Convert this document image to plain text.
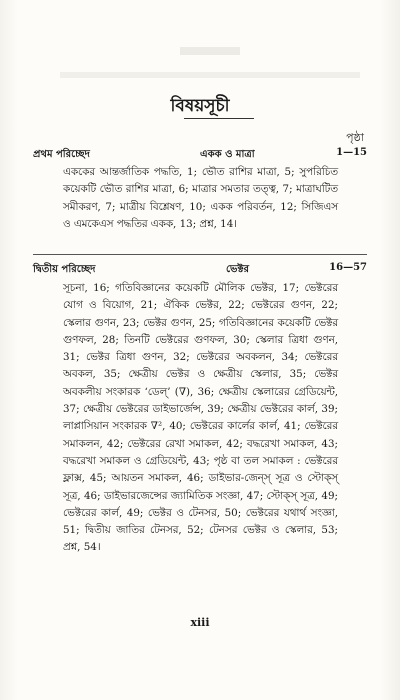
বিষয়সূচী
পৃষ্ঠা
প্রথম পরিচ্ছেদ	একক ও মাত্রা	1—15
এককের আন্তর্জাতিক পদ্ধতি, 1; ভৌত রাশির মাত্রা, 5; সুপরিচিত কয়েকটি ভৌত রাশির মাত্রা, 6; মাত্রার সমতার তত্ত্ব, 7; মাত্রাঘটিত সমীকরণ, 7; মাত্রীয় বিশ্লেষণ, 10; একক পরিবর্তন, 12; সিজিএস ও এমকেএস পদ্ধতির একক, 13; প্রশ্ন, 14।
দ্বিতীয় পরিচ্ছেদ	ভেক্টর	16—57
সূচনা, 16; গতিবিজ্ঞানের কয়েকটি মৌলিক ভেক্টর, 17; ভেক্টরের যোগ ও বিয়োগ, 21; ঐকিক ভেক্টর, 22; ভেক্টরের গুণন, 22; স্কেলার গুণন, 23; ভেক্টর গুণন, 25; গতিবিজ্ঞানের কয়েকটি ভেক্টর গুণফল, 28; তিনটি ভেক্টরের গুণফল, 30; স্কেলার ত্রিধা গুণন, 31; ভেক্টর ত্রিধা গুণন, 32; ভেক্টরের অবকলন, 34; ভেক্টরের অবকল, 35; ক্ষেত্রীয় ভেক্টর ও ক্ষেত্রীয় স্কেলার, 35; ভেক্টর অবকলীয় সংকারক ‘ডেল্’ (∇), 36; ক্ষেত্রীয় স্কেলারের গ্রেডিয়েন্ট, 37; ক্ষেত্রীয় ভেক্টরের ডাইভার্জেন্স, 39; ক্ষেত্রীয় ভেক্টরের কার্ল, 39; লাপ্লাসিয়ান সংকারক ∇², 40; ভেক্টরের কার্লের কার্ল, 41; ভেক্টরের সমাকলন, 42; ভেক্টরের রেখা সমাকল, 42; বদ্ধরেখা সমাকল, 43; বদ্ধরেখা সমাকল ও গ্রেডিয়েন্ট, 43; পৃষ্ঠ বা তল সমাকল : ভেক্টরের ফ্লাক্স, 45; আয়তন সমাকল, 46; ডাইভার-জেন্স্ সূত্র ও স্টোক্স্ সূত্র, 46; ডাইভারজেন্সের জ্যামিতিক সংজ্ঞা, 47; স্টোক্স্ সূত্র, 49; ভেক্টরের কার্ল, 49; ভেক্টর ও টেনসর, 50; ভেক্টরের যথার্থ সংজ্ঞা, 51; দ্বিতীয় জাতির টেনসর, 52; টেনসর ভেক্টর ও স্কেলার, 53; প্রশ্ন, 54।
xiii
